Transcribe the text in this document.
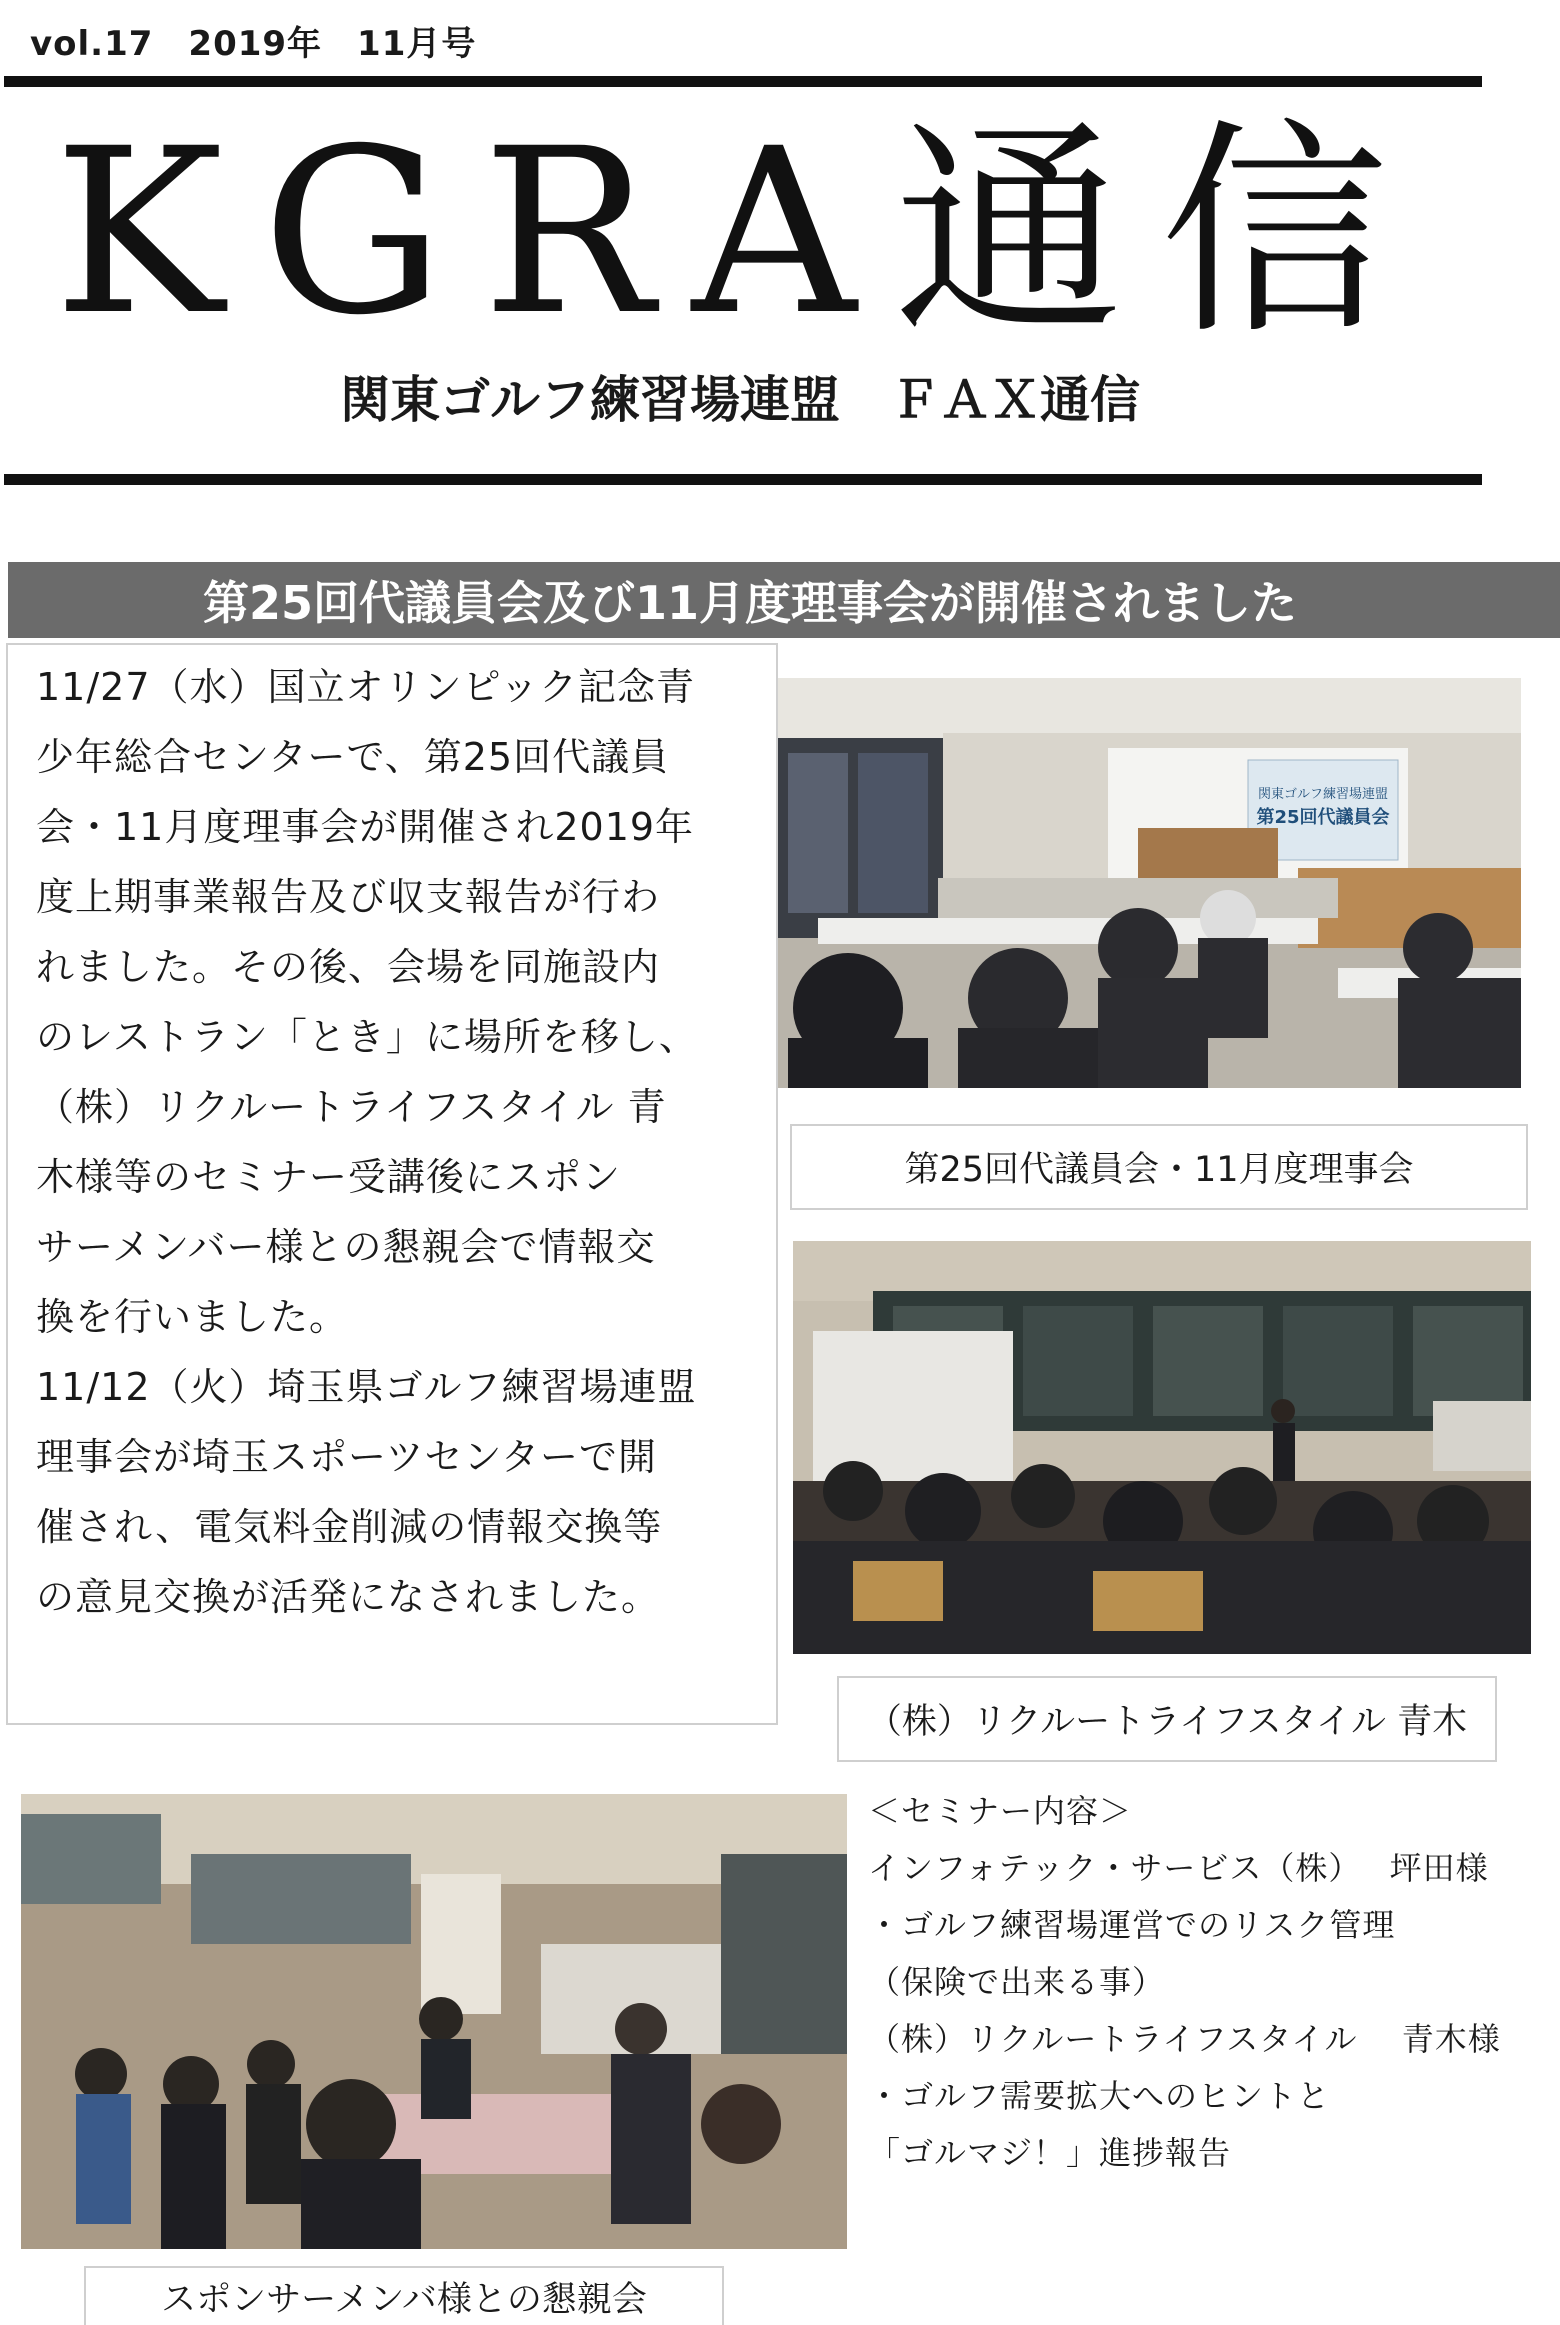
vol.17　2019年　11月号
KGRA通信
関東ゴルフ練習場連盟　ＦＡＸ通信
第25回代議員会及び11月度理事会が開催されました
11/27（水）国立オリンピック記念青
少年総合センターで、第25回代議員
会・11月度理事会が開催され2019年
度上期事業報告及び収支報告が行わ
れました。その後、会場を同施設内
のレストラン「とき」に場所を移し、
（株）リクルートライフスタイル 青
木様等のセミナー受講後にスポン
サーメンバー様との懇親会で情報交
換を行いました。
11/12（火）埼玉県ゴルフ練習場連盟
理事会が埼玉スポーツセンターで開
催され、電気料金削減の情報交換等
の意見交換が活発になされました。
関東ゴルフ練習場連盟
第25回代議員会
第25回代議員会・11月度理事会
（株）リクルートライフスタイル 青木
スポンサーメンバ様との懇親会
＜セミナー内容＞
インフォテック・サービス（株）　 坪田様
・ゴルフ練習場運営でのリスク管理
（保険で出来る事）
（株）リクルートライフスタイル　 青木様
・ゴルフ需要拡大へのヒントと
「ゴルマジ！」進捗報告
